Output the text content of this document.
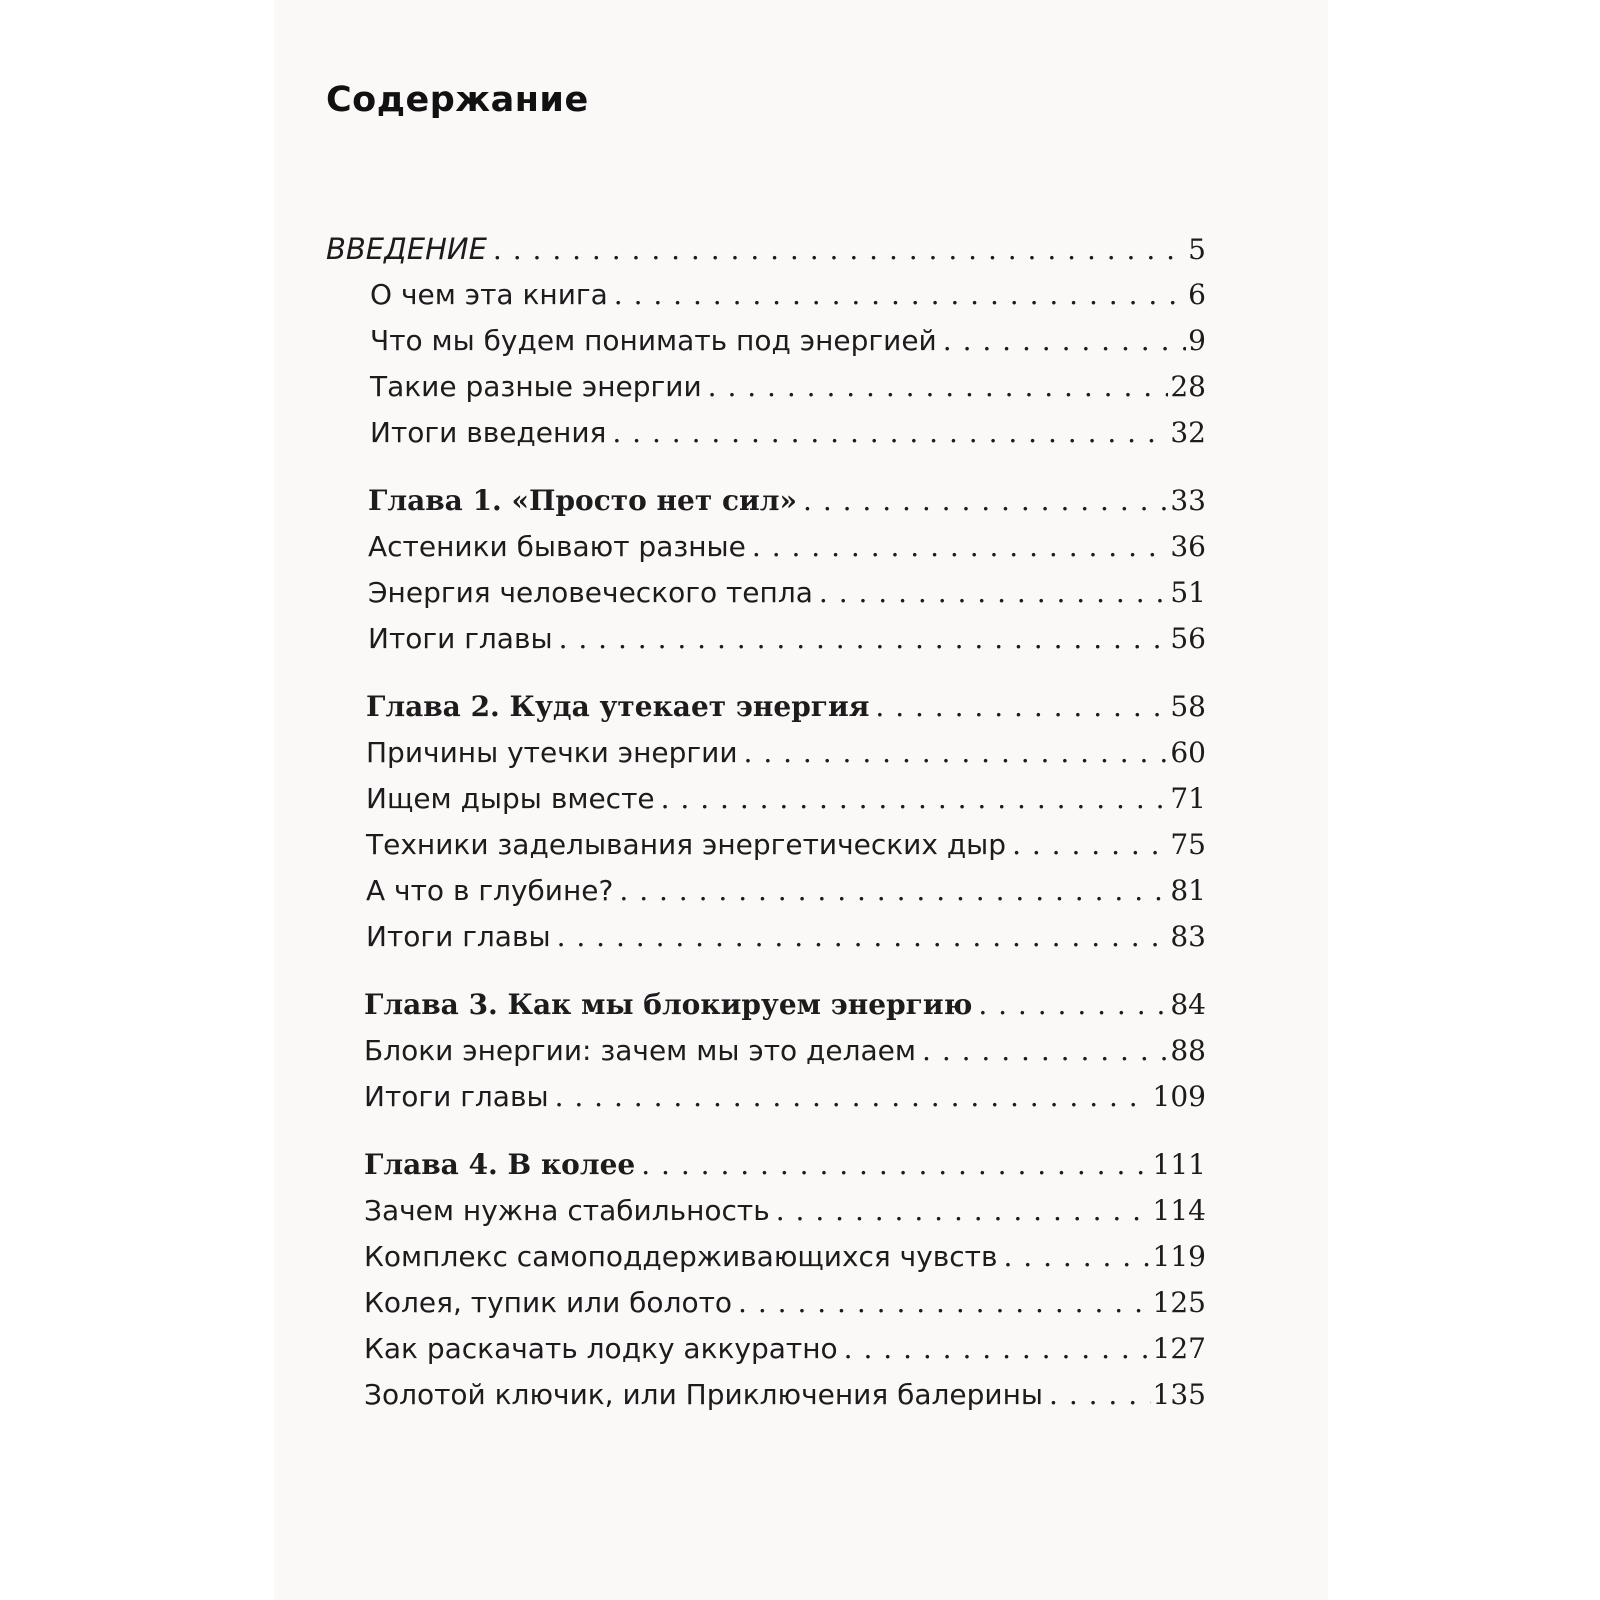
Содержание
ВВЕДЕНИЕ . . .	5
О чем эта книга . . .	6
Что мы будем понимать под энергией . . .	9
Такие разные энергии . . .	28
Итоги введения . . .	32
Глава 1. «Просто нет сил» . . .	33
Астеники бывают разные . . .	36
Энергия человеческого тепла . . .	51
Итоги главы . . .	56
Глава 2. Куда утекает энергия . . .	58
Причины утечки энергии . . .	60
Ищем дыры вместе . . .	71
Техники заделывания энергетических дыр . . .	75
А что в глубине? . . .	81
Итоги главы . . .	83
Глава 3. Как мы блокируем энергию . . .	84
Блоки энергии: зачем мы это делаем . . .	88
Итоги главы . . .	109
Глава 4. В колее . . .	111
Зачем нужна стабильность . . .	114
Комплекс самоподдерживающихся чувств . . .	119
Колея, тупик или болото . . .	125
Как раскачать лодку аккуратно . . .	127
Золотой ключик, или Приключения балерины . . .	135
